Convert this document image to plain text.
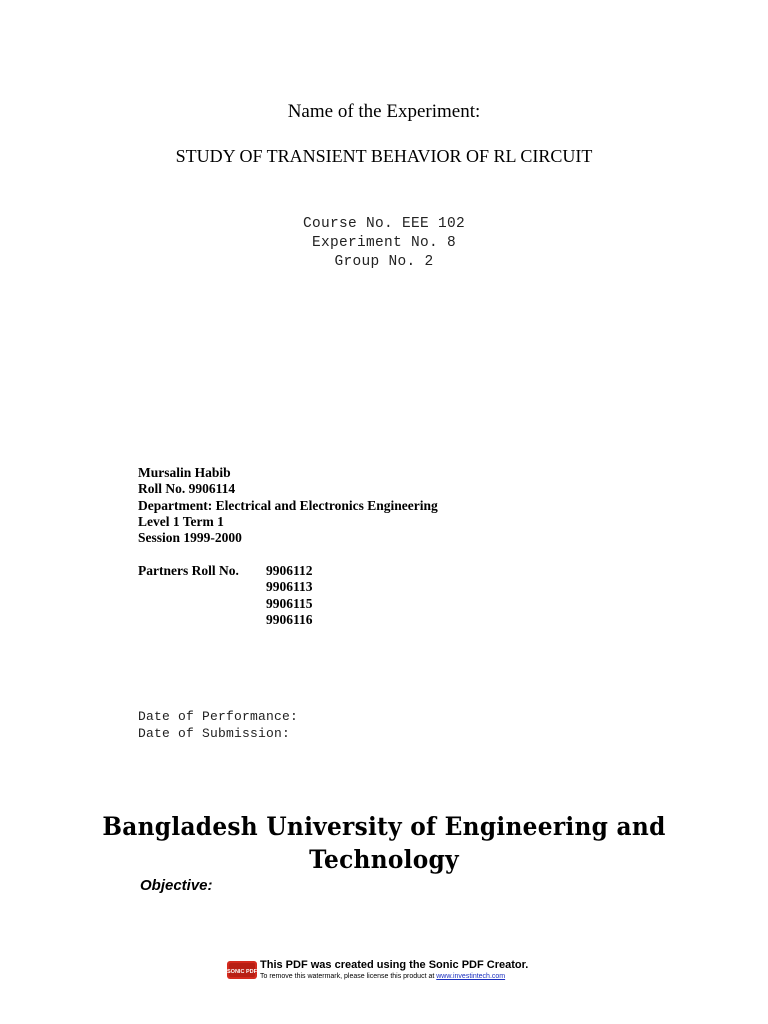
Name of the Experiment:
STUDY OF TRANSIENT BEHAVIOR OF RL CIRCUIT
Course No. EEE 102
Experiment No. 8
Group No. 2
Mursalin Habib
Roll No. 9906114
Department: Electrical and Electronics Engineering
Level 1 Term 1
Session 1999-2000
Partners Roll No. 9906112
9906113
9906115
9906116
Date of Performance:
Date of Submission:
Bangladesh University of Engineering and
Technology
Objective:
SONIC PDF
This PDF was created using the Sonic PDF Creator.
To remove this watermark, please license this product at www.investintech.com
